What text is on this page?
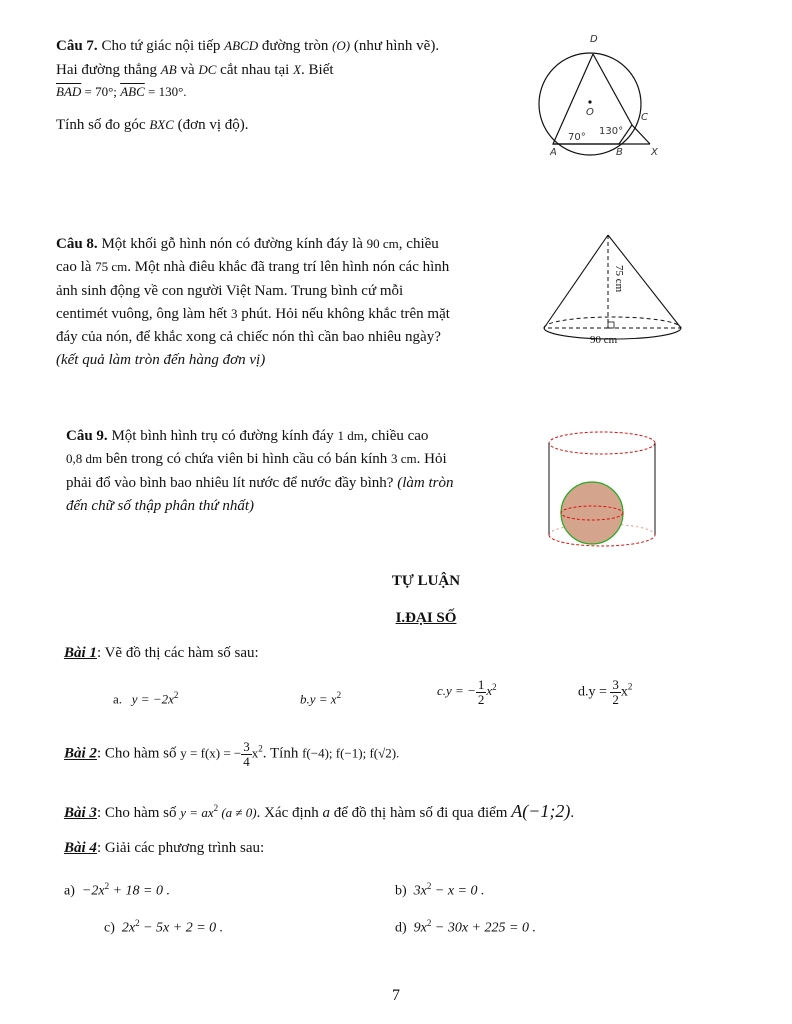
Câu 7. Cho tứ giác nội tiếp ABCD đường tròn (O) (như hình vẽ).
Hai đường thẳng AB và DC cắt nhau tại X. Biết
$\overline{BAD} = 70^\circ$; $\overline{ABC} = 130^\circ$.
Tính số đo góc BXC (đơn vị độ).
D
O	C
A	B	X
70°
130°
Câu 8. Một khối gỗ hình nón có đường kính đáy là 90 cm, chiều
cao là 75 cm. Một nhà điêu khắc đã trang trí lên hình nón các hình
ảnh sinh động về con người Việt Nam. Trung bình cứ mỗi
centimét vuông, ông làm hết 3 phút. Hỏi nếu không khắc trên mặt
đáy của nón, để khắc xong cả chiếc nón thì cần bao nhiêu ngày?
(kết quả làm tròn đến hàng đơn vị)
75 cm
90 cm
Câu 9. Một bình hình trụ có đường kính đáy 1 dm, chiều cao
0,8 dm bên trong có chứa viên bi hình cầu có bán kính 3 cm. Hỏi
phải đổ vào bình bao nhiêu lít nước để nước đầy bình? (làm tròn
đến chữ số thập phân thứ nhất)
TỰ LUẬN
I.ĐẠI SỐ
Bài 1: Vẽ đồ thị các hàm số sau:
a. $y = -2x^2$	$b.y = x^2$	c.y = − $\frac{1}{2} x^2$	$d.y = \frac{3}{2} x^2$
Bài 2: Cho hàm số y = f(x) = − $\frac{3}{4} x^2$. Tính f(−4); f(−1); f(√2).
Bài 3: Cho hàm số $y = ax^2$ (a ≠ 0). Xác định a để đồ thị hàm số đi qua điểm A(−1;2).
Bài 4: Giải các phương trình sau:
$a) -2x^2 + 18 = 0$ .	b) $3x^2 - x = 0$ .
c) $2x^2 - 5x + 2 = 0$ .	d) $9x^2 - 30x + 225 = 0$ .
7
